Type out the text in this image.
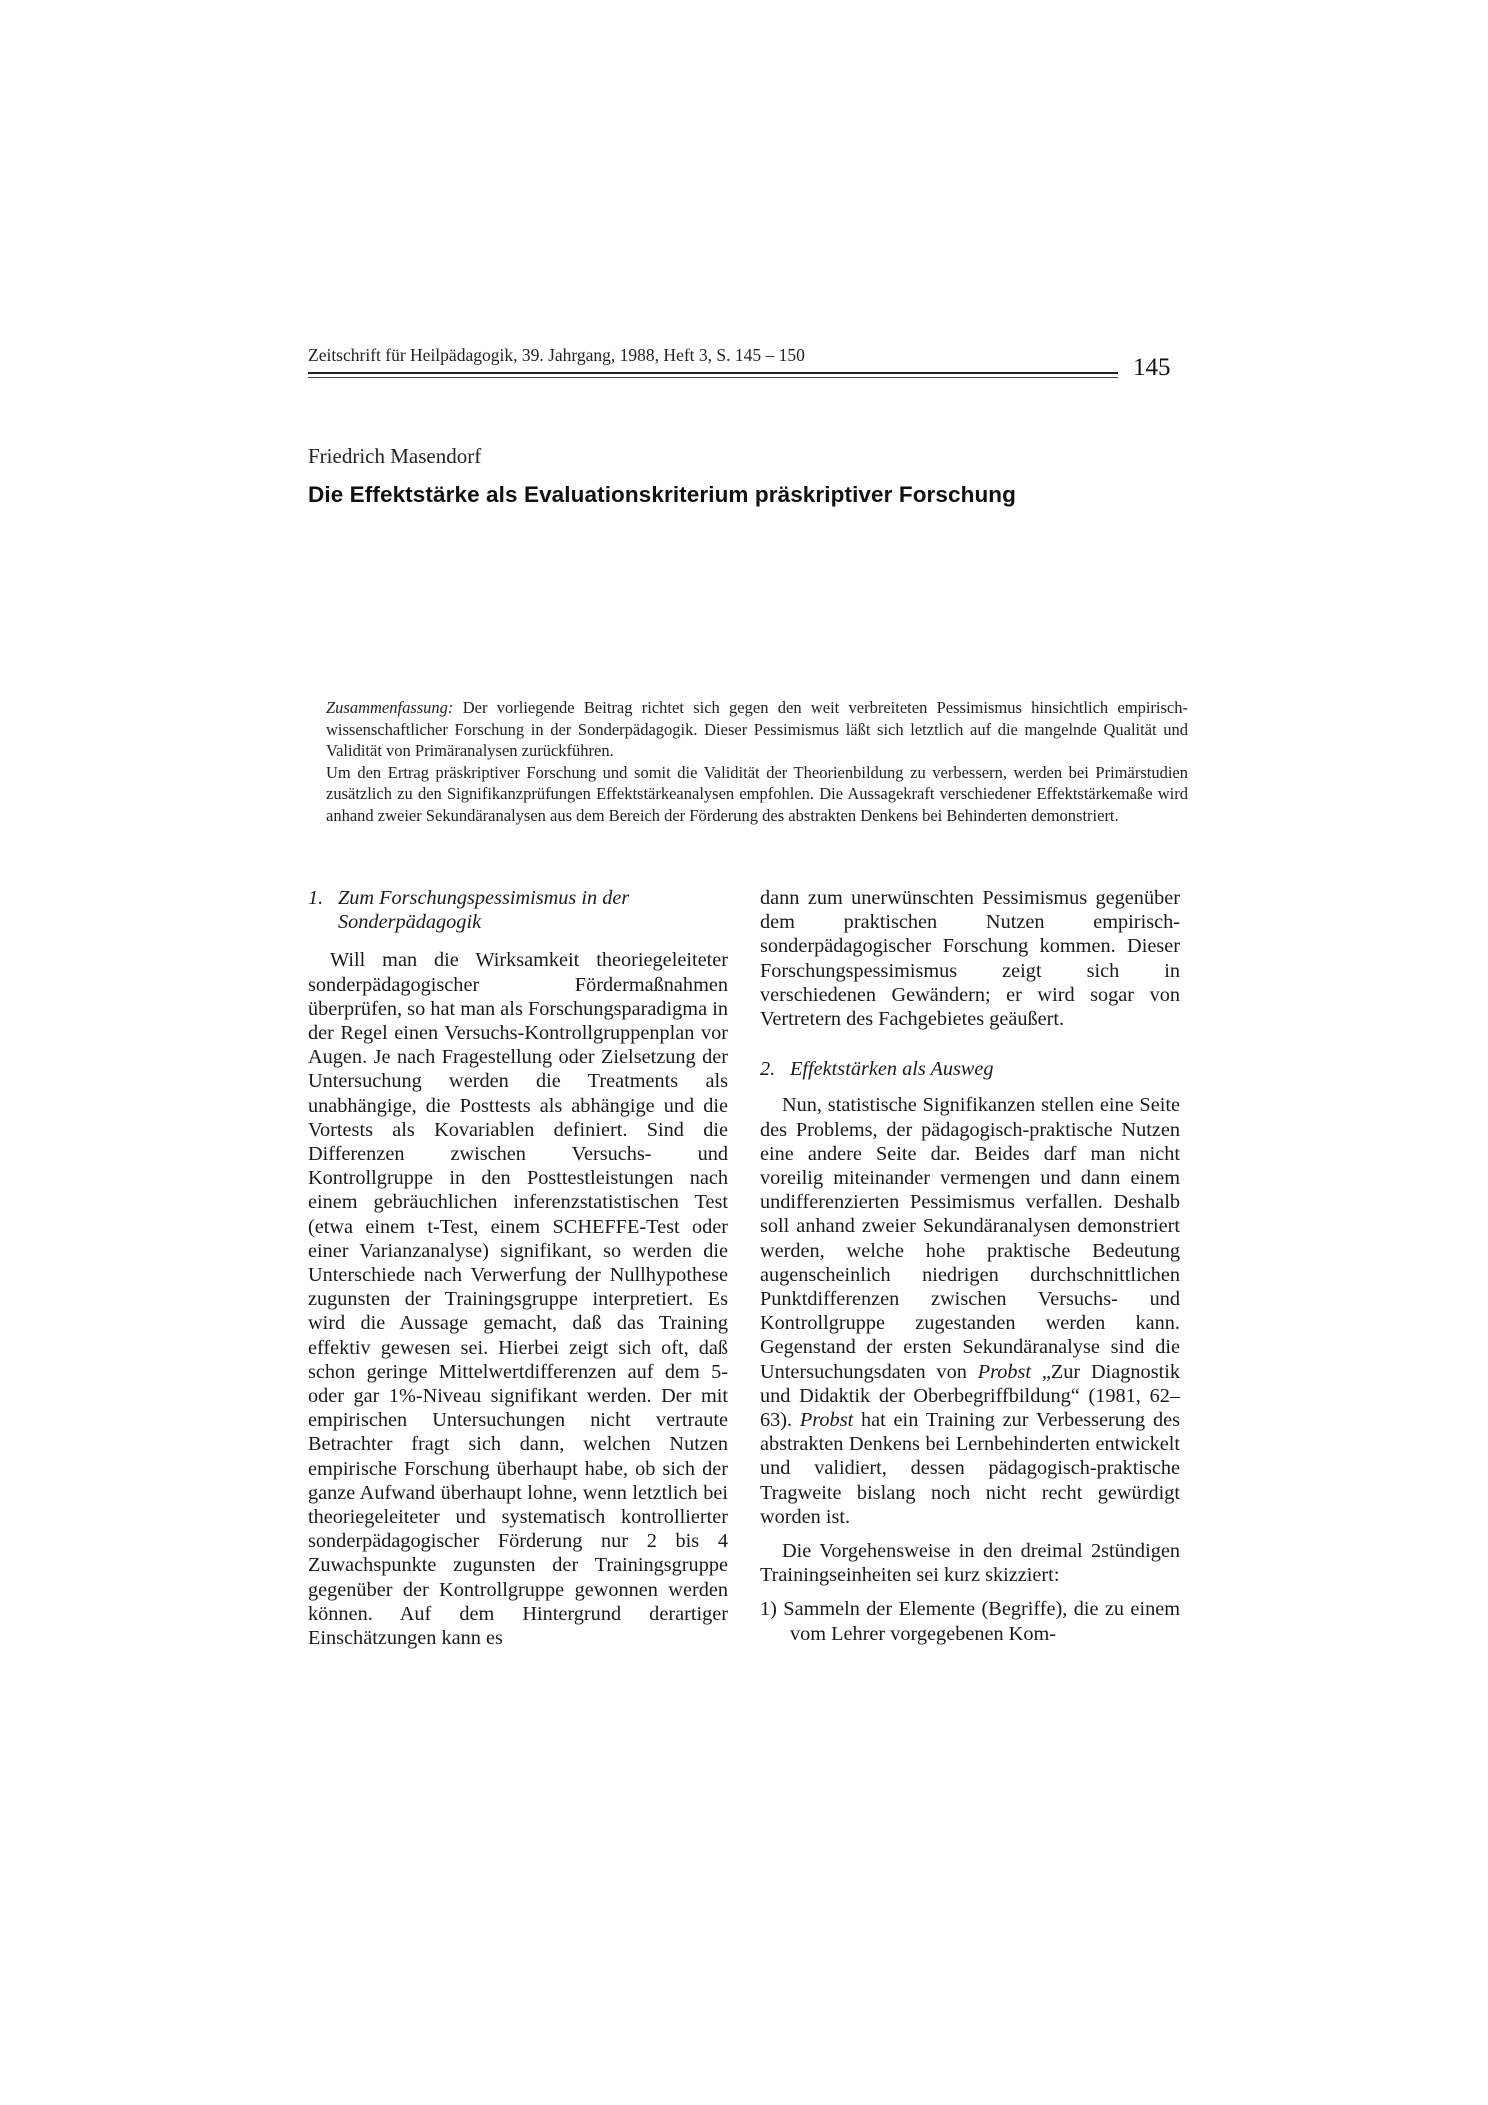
Zeitschrift für Heilpädagogik, 39. Jahrgang, 1988, Heft 3, S. 145 – 150	145
Friedrich Masendorf
Die Effektstärke als Evaluationskriterium präskriptiver Forschung

Zusammenfassung: Der vorliegende Beitrag richtet sich gegen den weit verbreiteten Pessimismus hinsichtlich empirisch-wissenschaftlicher Forschung in der Sonderpädagogik. Dieser Pessimismus läßt sich letztlich auf die mangelnde Qualität und Validität von Primäranalysen zurückführen.

Um den Ertrag präskriptiver Forschung und somit die Validität der Theorienbildung zu verbessern, werden bei Primärstudien zusätzlich zu den Signifikanzprüfungen Effektstärkeanalysen empfohlen. Die Aussagekraft verschiedener Effektstärkemaße wird anhand zweier Sekundäranalysen aus dem Bereich der Förderung des abstrakten Denkens bei Behinderten demonstriert.

1. Zum Forschungspessimismus in der
Sonderpädagogik

Will man die Wirksamkeit theoriegeleiteter sonderpädagogischer Fördermaßnahmen überprüfen, so hat man als Forschungsparadigma in der Regel einen Versuchs-Kontrollgruppenplan vor Augen. Je nach Fragestellung oder Zielsetzung der Untersuchung werden die Treatments als unabhängige, die Posttests als abhängige und die Vortests als Kovariablen definiert. Sind die Differenzen zwischen Versuchs- und Kontrollgruppe in den Posttestleistungen nach einem gebräuchlichen inferenzstatistischen Test (etwa einem t-Test, einem SCHEFFE-Test oder einer Varianzanalyse) signifikant, so werden die Unterschiede nach Verwerfung der Nullhypothese zugunsten der Trainingsgruppe interpretiert. Es wird die Aussage gemacht, daß das Training effektiv gewesen sei. Hierbei zeigt sich oft, daß schon geringe Mittelwertdifferenzen auf dem 5- oder gar 1%-Niveau signifikant werden. Der mit empirischen Untersuchungen nicht vertraute Betrachter fragt sich dann, welchen Nutzen empirische Forschung überhaupt habe, ob sich der ganze Aufwand überhaupt lohne, wenn letztlich bei theoriegeleiteter und systematisch kontrollierter sonderpädagogischer Förderung nur 2 bis 4 Zuwachspunkte zugunsten der Trainingsgruppe gegenüber der Kontrollgruppe gewonnen werden können. Auf dem Hintergrund derartiger Einschätzungen kann es

dann zum unerwünschten Pessimismus gegenüber dem praktischen Nutzen empirisch-sonderpädagogischer Forschung kommen. Dieser Forschungspessimismus zeigt sich in verschiedenen Gewändern; er wird sogar von Vertretern des Fachgebietes geäußert.

2. Effektstärken als Ausweg

Nun, statistische Signifikanzen stellen eine Seite des Problems, der pädagogisch-praktische Nutzen eine andere Seite dar. Beides darf man nicht voreilig miteinander vermengen und dann einem undifferenzierten Pessimismus verfallen. Deshalb soll anhand zweier Sekundäranalysen demonstriert werden, welche hohe praktische Bedeutung augenscheinlich niedrigen durchschnittlichen Punktdifferenzen zwischen Versuchs- und Kontrollgruppe zugestanden werden kann. Gegenstand der ersten Sekundäranalyse sind die Untersuchungsdaten von Probst „Zur Diagnostik und Didaktik der Oberbegriffbildung“ (1981, 62–63). Probst hat ein Training zur Verbesserung des abstrakten Denkens bei Lernbehinderten entwickelt und validiert, dessen pädagogisch-praktische Tragweite bislang noch nicht recht gewürdigt worden ist.

Die Vorgehensweise in den dreimal 2stündigen Trainingseinheiten sei kurz skizziert:

1) Sammeln der Elemente (Begriffe), die zu einem vom Lehrer vorgegebenen Kom-
